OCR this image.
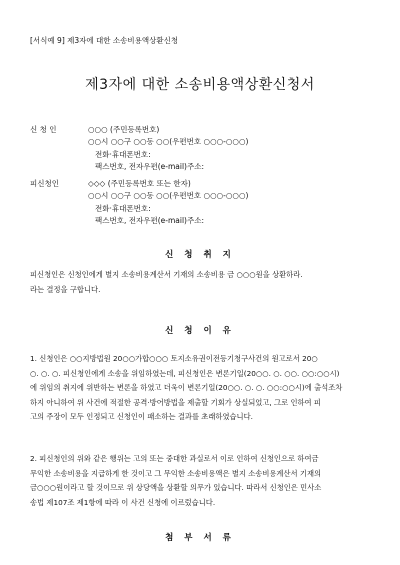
[서식예 9] 제3자에 대한 소송비용액상환신청
제3자에 대한 소송비용액상환신청서
신 청 인	○○○ (주민등록번호)
○○시 ○○구 ○○동 ○○(우편번호 ○○○-○○○)
전화·휴대폰번호:
팩스번호, 전자우편(e-mail)주소:
피신청인	◇◇◇ (주민등록번호 또는 한자)
○○시 ○○구 ○○동 ○○(우편번호 ○○○-○○○)
전화·휴대폰번호:
팩스번호, 전자우편(e-mail)주소:
신 청 취 지
피신청인은 신청인에게 별지 소송비용계산서 기재의 소송비용 금 ○○○원을 상환하라.
라는 결정을 구합니다.
신 청 이 유
1. 신청인은 ○○지방법원 20○○가합○○○ 토지소유권이전등기청구사건의 원고로서 20○
○. ○. ○. 피신청인에게 소송을 위임하였는데, 피신청인은 변론기일(20○○. ○. ○○. ○○:○○시)
에 위임의 취지에 위반하는 변론을 하였고 더욱이 변론기일(20○○. ○. ○. ○○:○○시)에 출석조차
하지 아니하여 위 사건에 적절한 공격·방어방법을 제출할 기회가 상실되었고, 그로 인하여 피
고의 주장이 모두 인정되고 신청인이 패소하는 결과를 초래하였습니다.
2. 피신청인의 위와 같은 행위는 고의 또는 중대한 과실로서 이로 인하여 신청인으로 하여금
무익한 소송비용을 지급하게 한 것이고 그 무익한 소송비용액은 별지 소송비용계산서 기재의
금○○○원이라고 할 것이므로 위 상당액을 상환할 의무가 있습니다. 따라서 신청인은 민사소
송법 제107조 제1항에 따라 이 사건 신청에 이르렀습니다.
첨 부 서 류
